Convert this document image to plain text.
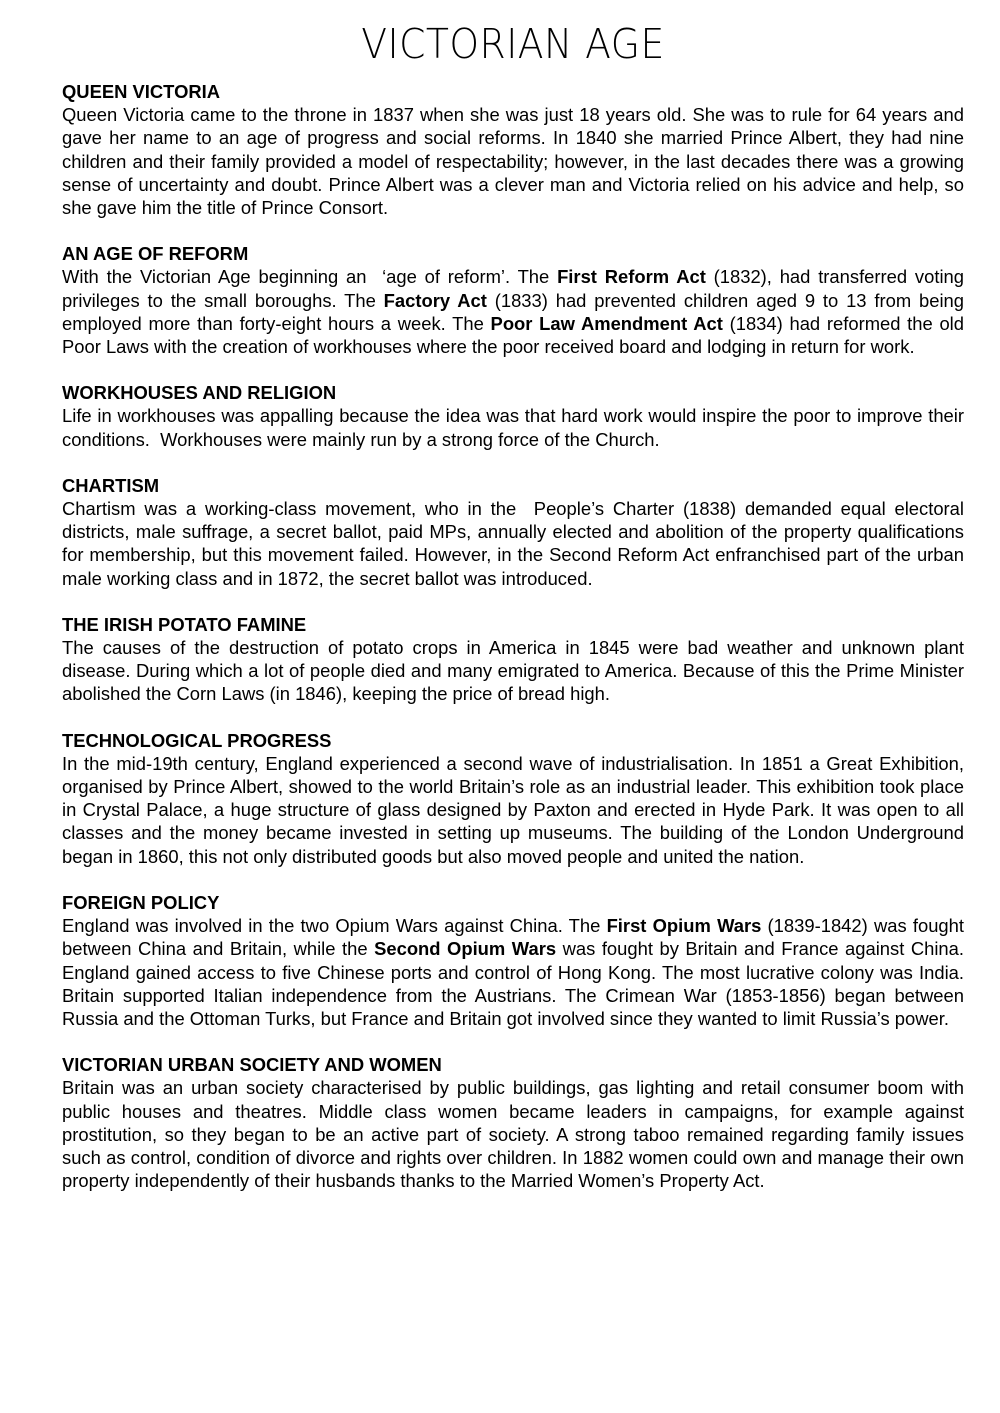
VICTORIAN AGE
QUEEN VICTORIA

Queen Victoria came to the throne in 1837 when she was just 18 years old. She was to rule for 64 years and gave her name to an age of progress and social reforms. In 1840 she married Prince Albert, they had nine children and their family provided a model of respectability; however, in the last decades there was a growing sense of uncertainty and doubt. Prince Albert was a clever man and Victoria relied on his advice and help, so she gave him the title of Prince Consort.

AN AGE OF REFORM

With the Victorian Age beginning an  ‘age of reform’. The First Reform Act (1832), had transferred voting privileges to the small boroughs. The Factory Act (1833) had prevented children aged 9 to 13 from being employed more than forty-eight hours a week. The Poor Law Amendment Act (1834) had reformed the old Poor Laws with the creation of workhouses where the poor received board and lodging in return for work.

WORKHOUSES AND RELIGION

Life in workhouses was appalling because the idea was that hard work would inspire the poor to improve their conditions.  Workhouses were mainly run by a strong force of the Church.

CHARTISM

Chartism was a working-class movement, who in the  People’s Charter (1838) demanded equal electoral districts, male suffrage, a secret ballot, paid MPs, annually elected and abolition of the property qualifications for membership, but this movement failed. However, in the Second Reform Act enfranchised part of the urban male working class and in 1872, the secret ballot was introduced.

THE IRISH POTATO FAMINE

The causes of the destruction of potato crops in America in 1845 were bad weather and unknown plant disease. During which a lot of people died and many emigrated to America. Because of this the Prime Minister abolished the Corn Laws (in 1846), keeping the price of bread high.

TECHNOLOGICAL PROGRESS

In the mid-19th century, England experienced a second wave of industrialisation. In 1851 a Great Exhibition, organised by Prince Albert, showed to the world Britain’s role as an industrial leader. This exhibition took place in Crystal Palace, a huge structure of glass designed by Paxton and erected in Hyde Park. It was open to all classes and the money became invested in setting up museums. The building of the London Underground began in 1860, this not only distributed goods but also moved people and united the nation.

FOREIGN POLICY

England was involved in the two Opium Wars against China. The First Opium Wars (1839-1842) was fought between China and Britain, while the Second Opium Wars was fought by Britain and France against China. England gained access to five Chinese ports and control of Hong Kong. The most lucrative colony was India. Britain supported Italian independence from the Austrians. The Crimean War (1853-1856) began between Russia and the Ottoman Turks, but France and Britain got involved since they wanted to limit Russia’s power.

VICTORIAN URBAN SOCIETY AND WOMEN

Britain was an urban society characterised by public buildings, gas lighting and retail consumer boom with public houses and theatres. Middle class women became leaders in campaigns, for example against prostitution, so they began to be an active part of society. A strong taboo remained regarding family issues such as control, condition of divorce and rights over children. In 1882 women could own and manage their own property independently of their husbands thanks to the Married Women’s Property Act.
